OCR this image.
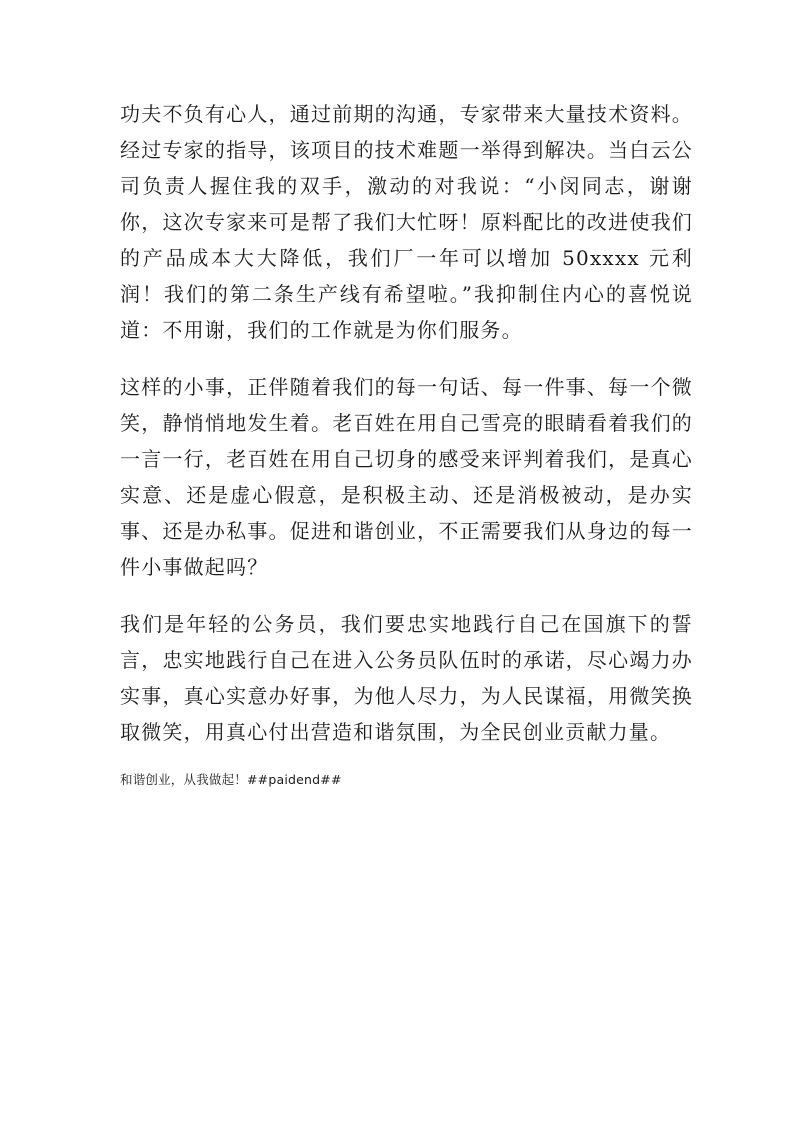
功夫不负有心人，通过前期的沟通，专家带来大量技术资料。经过专家的指导，该项目的技术难题一举得到解决。当白云公司负责人握住我的双手，激动的对我说：“小闵同志，谢谢你，这次专家来可是帮了我们大忙呀！原料配比的改进使我们的产品成本大大降低，我们厂一年可以增加 50xxxx 元利润！我们的第二条生产线有希望啦。”我抑制住内心的喜悦说道：不用谢，我们的工作就是为你们服务。

这样的小事，正伴随着我们的每一句话、每一件事、每一个微笑，静悄悄地发生着。老百姓在用自己雪亮的眼睛看着我们的一言一行，老百姓在用自己切身的感受来评判着我们，是真心实意、还是虚心假意，是积极主动、还是消极被动，是办实事、还是办私事。促进和谐创业，不正需要我们从身边的每一件小事做起吗？

我们是年轻的公务员，我们要忠实地践行自己在国旗下的誓言，忠实地践行自己在进入公务员队伍时的承诺，尽心竭力办实事，真心实意办好事，为他人尽力，为人民谋福，用微笑换取微笑，用真心付出营造和谐氛围，为全民创业贡献力量。

和谐创业，从我做起！##paidend##
